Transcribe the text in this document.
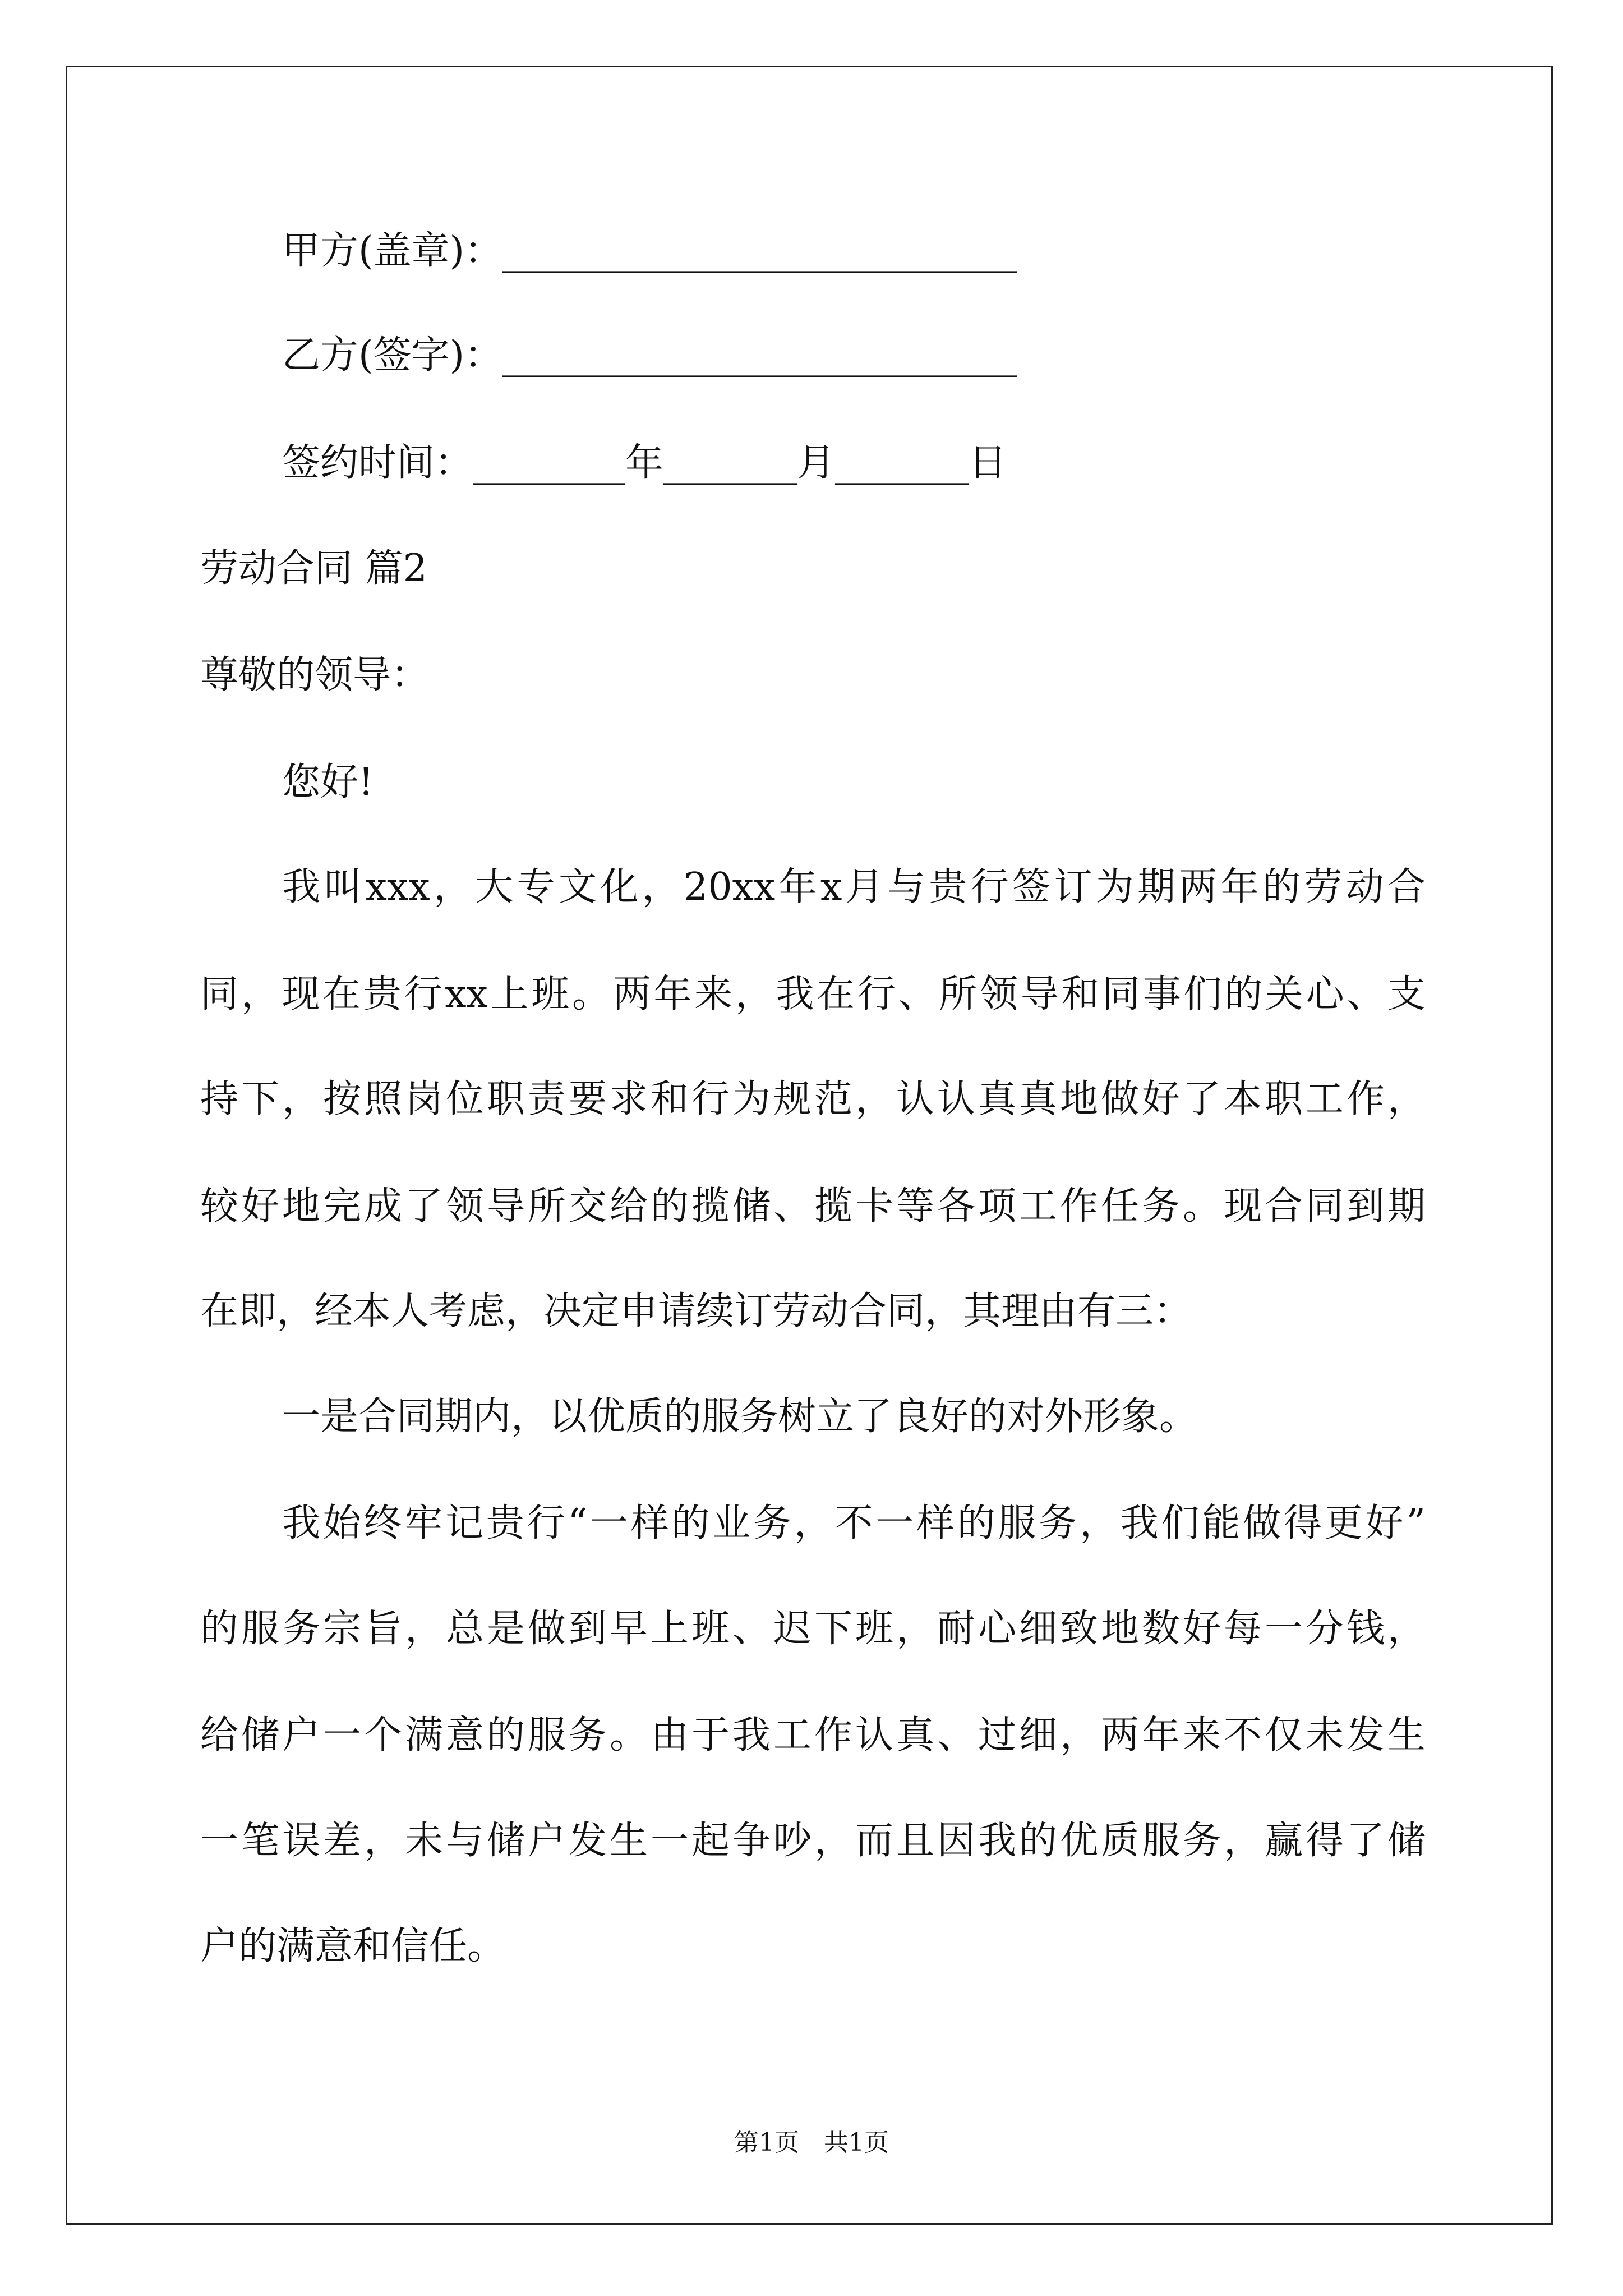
甲方(盖章)：___________________________
乙方(签字)：___________________________
签约时间：________年_______月_______日
劳动合同 篇2
尊敬的领导：
您好!
我叫xxx，大专文化，20xx年x月与贵行签订为期两年的劳动合
同，现在贵行xx上班。两年来，我在行、所领导和同事们的关心、支
持下，按照岗位职责要求和行为规范，认认真真地做好了本职工作，
较好地完成了领导所交给的揽储、揽卡等各项工作任务。现合同到期
在即，经本人考虑，决定申请续订劳动合同，其理由有三：
一是合同期内，以优质的服务树立了良好的对外形象。
我始终牢记贵行“一样的业务，不一样的服务，我们能做得更好”
的服务宗旨，总是做到早上班、迟下班，耐心细致地数好每一分钱，
给储户一个满意的服务。由于我工作认真、过细，两年来不仅未发生
一笔误差，未与储户发生一起争吵，而且因我的优质服务，赢得了储
户的满意和信任。
第1页　共1页
